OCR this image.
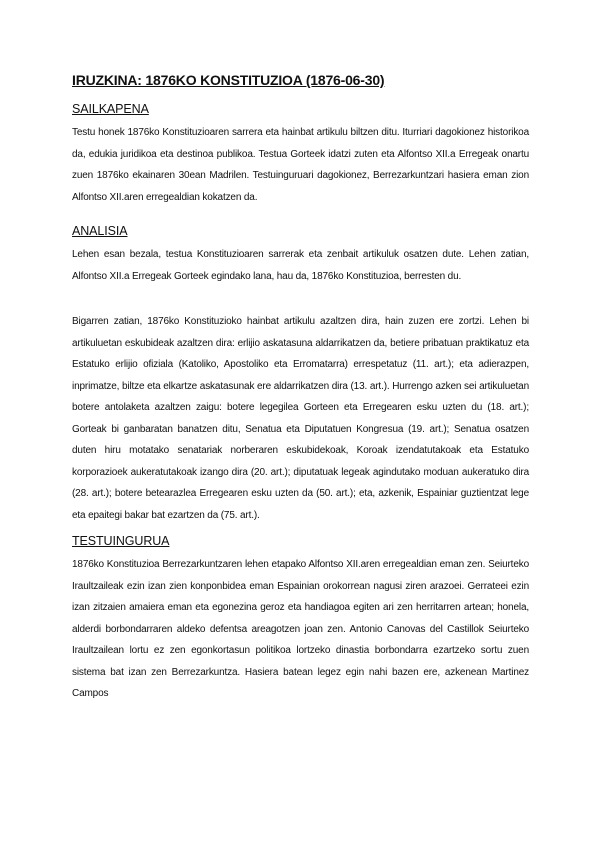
IRUZKINA: 1876KO KONSTITUZIOA (1876-06-30)
SAILKAPENA

Testu honek 1876ko Konstituzioaren sarrera eta hainbat artikulu biltzen ditu. Iturriari dagokionez historikoa da, edukia juridikoa eta destinoa publikoa. Testua Gorteek idatzi zuten eta Alfontso XII.a Erregeak onartu zuen 1876ko ekainaren 30ean Madrilen. Testuinguruari dagokionez, Berrezarkuntzari hasiera eman zion Alfontso XII.aren erregealdian kokatzen da.

ANALISIA

Lehen esan bezala, testua Konstituzioaren sarrerak eta zenbait artikuluk osatzen dute. Lehen zatian, Alfontso XII.a Erregeak Gorteek egindako lana, hau da, 1876ko Konstituzioa, berresten du.

Bigarren zatian, 1876ko Konstituzioko hainbat artikulu azaltzen dira, hain zuzen ere zortzi. Lehen bi artikuluetan eskubideak azaltzen dira: erlijio askatasuna aldarrikatzen da, betiere pribatuan praktikatuz eta Estatuko erlijio ofiziala (Katoliko, Apostoliko eta Erromatarra) errespetatuz (11. art.); eta adierazpen, inprimatze, biltze eta elkartze askatasunak ere aldarrikatzen dira (13. art.). Hurrengo azken sei artikuluetan botere antolaketa azaltzen zaigu: botere legegilea Gorteen eta Erregearen esku uzten du (18. art.); Gorteak bi ganbaratan banatzen ditu, Senatua eta Diputatuen Kongresua (19. art.); Senatua osatzen duten hiru motatako senatariak norberaren eskubidekoak, Koroak izendatutakoak eta Estatuko korporazioek aukeratutakoak izango dira (20. art.); diputatuak legeak agindutako moduan aukeratuko dira (28. art.); botere betearazlea Erregearen esku uzten da (50. art.); eta, azkenik, Espainiar guztientzat lege eta epaitegi bakar bat ezartzen da (75. art.).

TESTUINGURUA

1876ko Konstituzioa Berrezarkuntzaren lehen etapako Alfontso XII.aren erregealdian eman zen. Seiurteko Iraultzaileak ezin izan zien konponbidea eman Espainian orokorrean nagusi ziren arazoei. Gerrateei ezin izan zitzaien amaiera eman eta egonezina geroz eta handiagoa egiten ari zen herritarren artean; honela, alderdi borbondarraren aldeko defentsa areagotzen joan zen. Antonio Canovas del Castillok Seiurteko Iraultzailean lortu ez zen egonkortasun politikoa lortzeko dinastia borbondarra ezartzeko sortu zuen sistema bat izan zen Berrezarkuntza. Hasiera batean legez egin nahi bazen ere, azkenean Martinez Campos
